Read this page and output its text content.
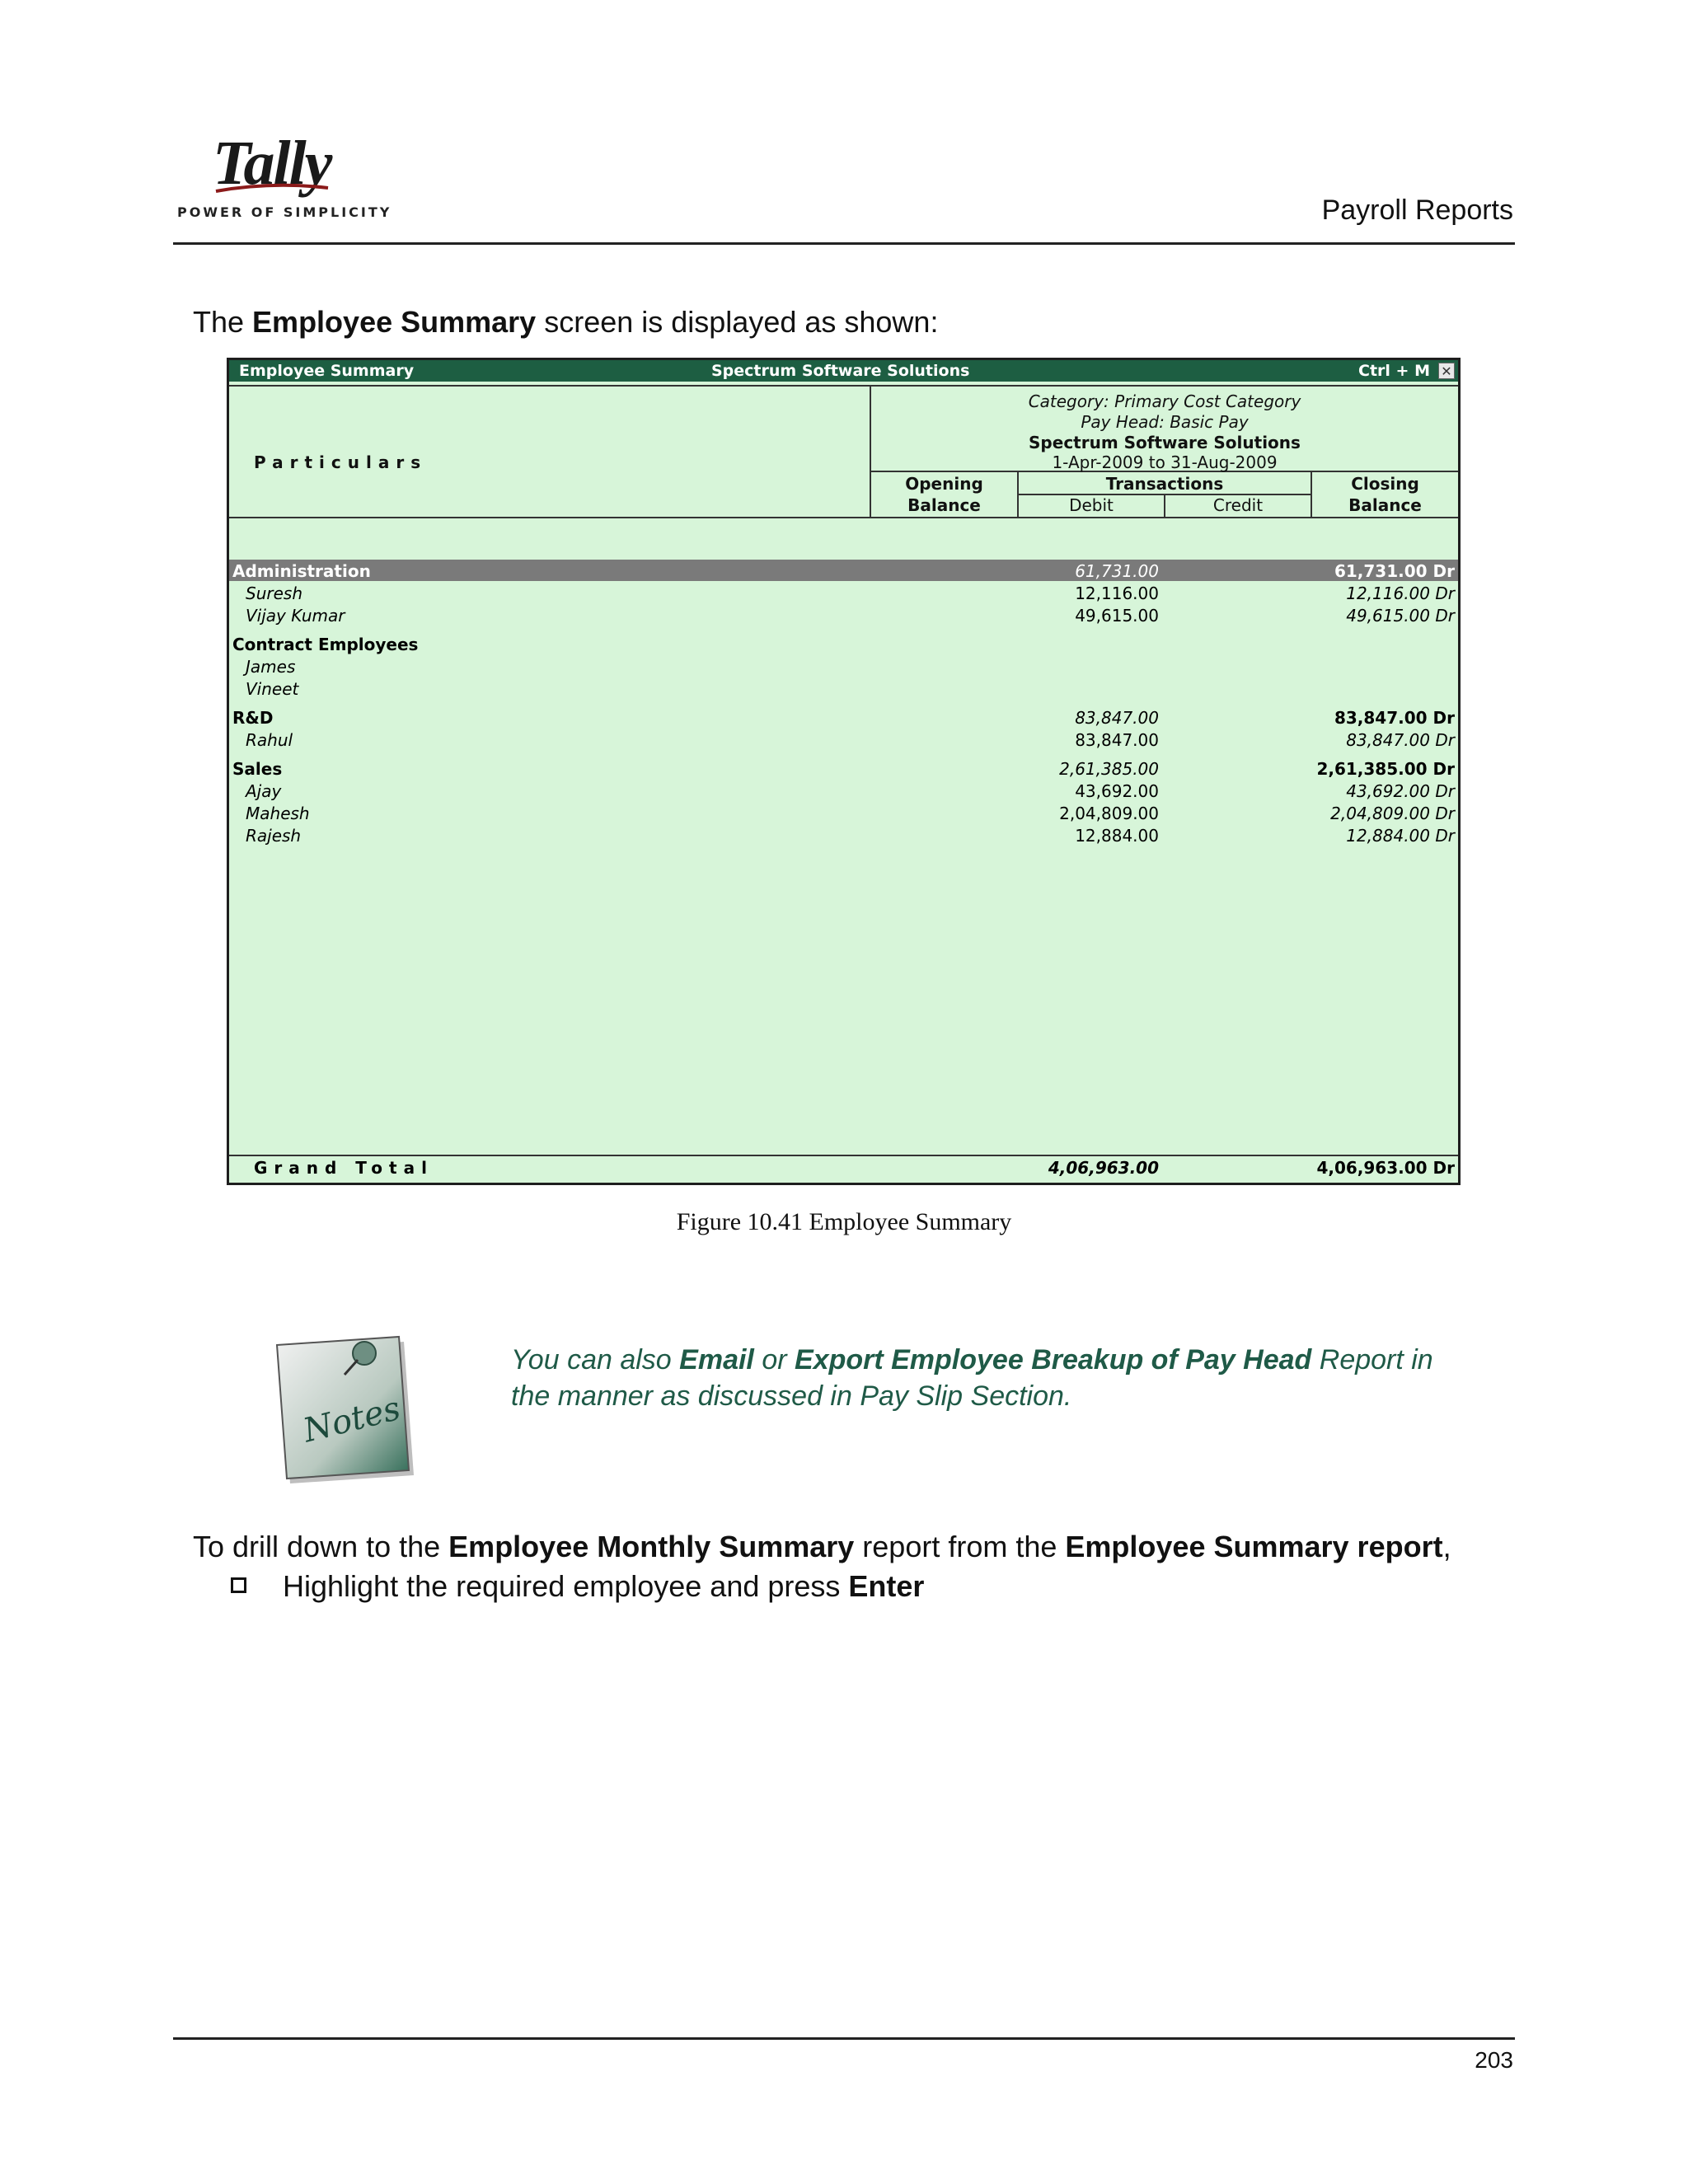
Tally
POWER OF SIMPLICITY	Payroll Reports
The Employee Summary screen is displayed as shown:
Employee Summary	Spectrum Software Solutions	Ctrl + M ✕
Particulars
Category: Primary Cost Category
Pay Head: Basic Pay
Spectrum Software Solutions
1-Apr-2009 to 31-Aug-2009
Opening
Balance
Transactions
Debit	Credit
Closing
Balance
Administration	61,731.00	61,731.00 Dr
Suresh	12,116.00	12,116.00 Dr
Vijay Kumar	49,615.00	49,615.00 Dr
Contract Employees
James
Vineet
R&D	83,847.00	83,847.00 Dr
Rahul	83,847.00	83,847.00 Dr
Sales	2,61,385.00	2,61,385.00 Dr
Ajay	43,692.00	43,692.00 Dr
Mahesh	2,04,809.00	2,04,809.00 Dr
Rajesh	12,884.00	12,884.00 Dr
Grand Total	4,06,963.00	4,06,963.00 Dr
Figure 10.41 Employee Summary
Notes
You can also Email or Export Employee Breakup of Pay Head Report in the manner as discussed in Pay Slip Section.
To drill down to the Employee Monthly Summary report from the Employee Summary report,
Highlight the required employee and press Enter
203
